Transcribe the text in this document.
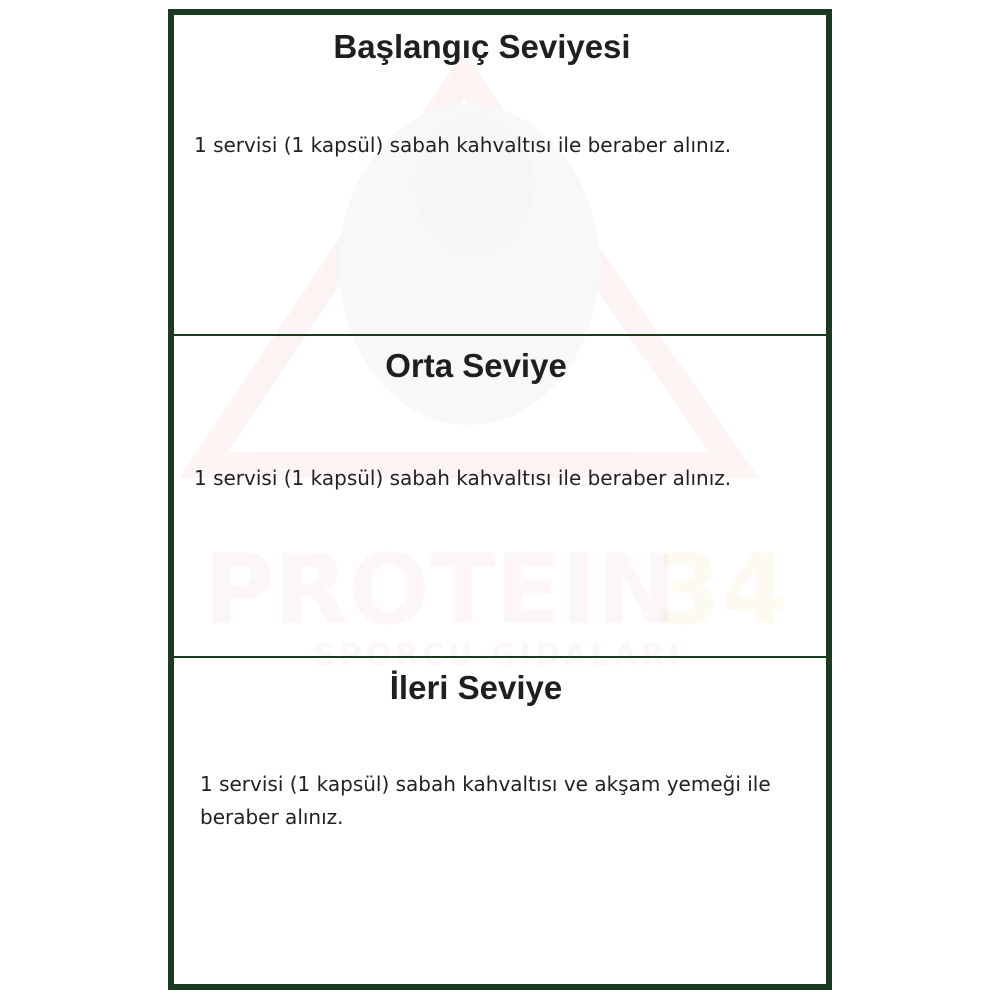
34
Başlangıç Seviyesi

1 servisi (1 kapsül) sabah kahvaltısı ile beraber alınız.

Orta Seviye

1 servisi (1 kapsül) sabah kahvaltısı ile beraber alınız.

İleri Seviye

1 servisi (1 kapsül) sabah kahvaltısı ve akşam yemeği ile beraber alınız.
